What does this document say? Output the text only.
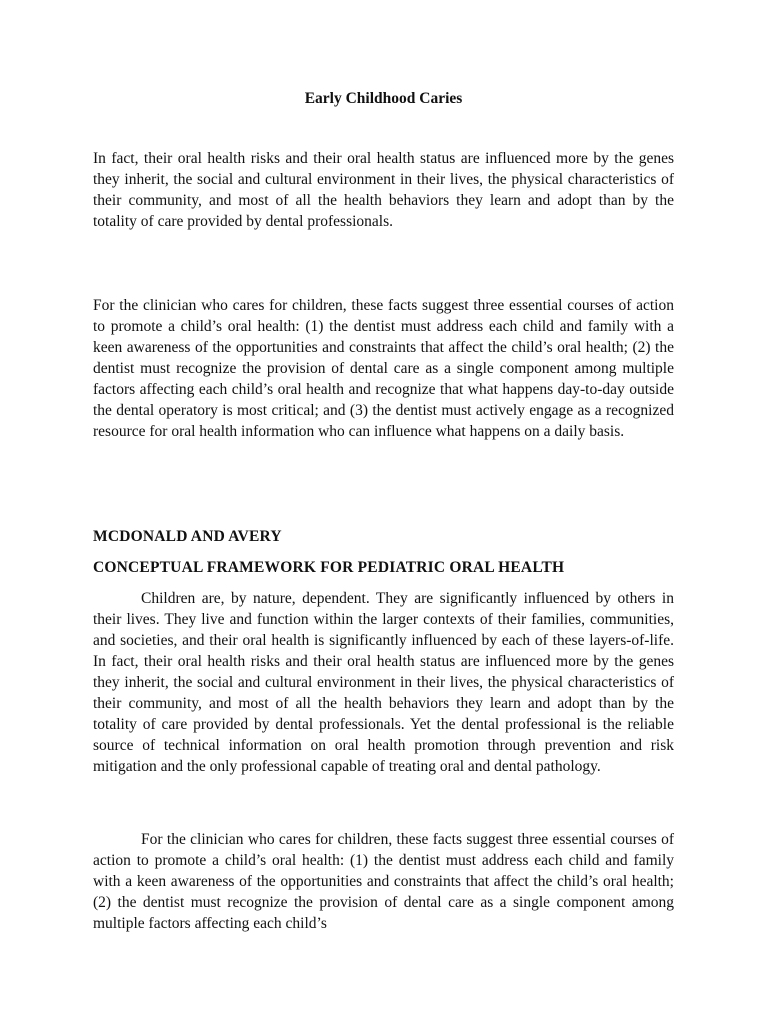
Early Childhood Caries

In fact, their oral health risks and their oral health status are influenced more by the genes they inherit, the social and cultural environment in their lives, the physical characteristics of their community, and most of all the health behaviors they learn and adopt than by the totality of care provided by dental professionals.

For the clinician who cares for children, these facts suggest three essential courses of action to promote a child’s oral health: (1) the dentist must address each child and family with a keen awareness of the opportunities and constraints that affect the child’s oral health; (2) the dentist must recognize the provision of dental care as a single component among multiple factors affecting each child’s oral health and recognize that what happens day-to-day outside the dental operatory is most critical; and (3) the dentist must actively engage as a recognized resource for oral health information who can influence what happens on a daily basis.

MCDONALD AND AVERY
CONCEPTUAL FRAMEWORK FOR PEDIATRIC ORAL HEALTH

Children are, by nature, dependent. They are significantly influenced by others in their lives. They live and function within the larger contexts of their families, communities, and societies, and their oral health is significantly influenced by each of these layers-of-life. In fact, their oral health risks and their oral health status are influenced more by the genes they inherit, the social and cultural environment in their lives, the physical characteristics of their community, and most of all the health behaviors they learn and adopt than by the totality of care provided by dental professionals. Yet the dental professional is the reliable source of technical information on oral health promotion through prevention and risk mitigation and the only professional capable of treating oral and dental pathology.

For the clinician who cares for children, these facts suggest three essential courses of action to promote a child’s oral health: (1) the dentist must address each child and family with a keen awareness of the opportunities and constraints that affect the child’s oral health; (2) the dentist must recognize the provision of dental care as a single component among multiple factors affecting each child’s
